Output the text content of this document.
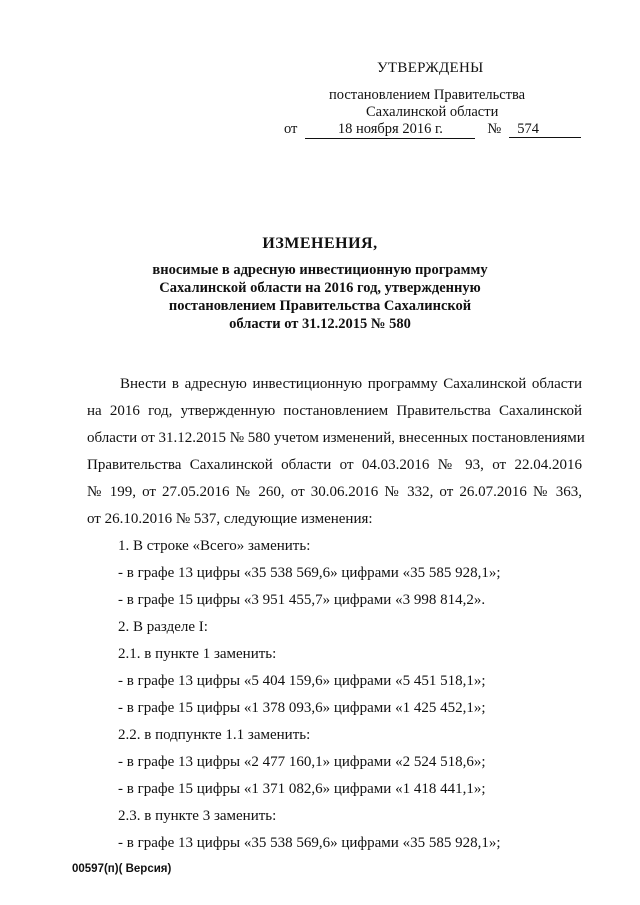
УТВЕРЖДЕНЫ
постановлением Правительства
Сахалинской области
от	18 ноября 2016 г.	№ 574
ИЗМЕНЕНИЯ,
вносимые в адресную инвестиционную программу
Сахалинской области на 2016 год, утвержденную
постановлением Правительства Сахалинской
области от 31.12.2015 № 580
Внести в адресную инвестиционную программу Сахалинской области
на 2016 год, утвержденную постановлением Правительства Сахалинской
области от 31.12.2015 № 580 учетом изменений, внесенных постановлениями
Правительства Сахалинской области от 04.03.2016 № 93, от 22.04.2016
№ 199, от 27.05.2016 № 260, от 30.06.2016 № 332, от 26.07.2016 № 363,
от 26.10.2016 № 537, следующие изменения:
1. В строке «Всего» заменить:
- в графе 13 цифры «35 538 569,6» цифрами «35 585 928,1»;
- в графе 15 цифры «3 951 455,7» цифрами «3 998 814,2».
2. В разделе I:
2.1. в пункте 1 заменить:
- в графе 13 цифры «5 404 159,6» цифрами «5 451 518,1»;
- в графе 15 цифры «1 378 093,6» цифрами «1 425 452,1»;
2.2. в подпункте 1.1 заменить:
- в графе 13 цифры «2 477 160,1» цифрами «2 524 518,6»;
- в графе 15 цифры «1 371 082,6» цифрами «1 418 441,1»;
2.3. в пункте 3 заменить:
- в графе 13 цифры «35 538 569,6» цифрами «35 585 928,1»;
00597(п)( Версия)
